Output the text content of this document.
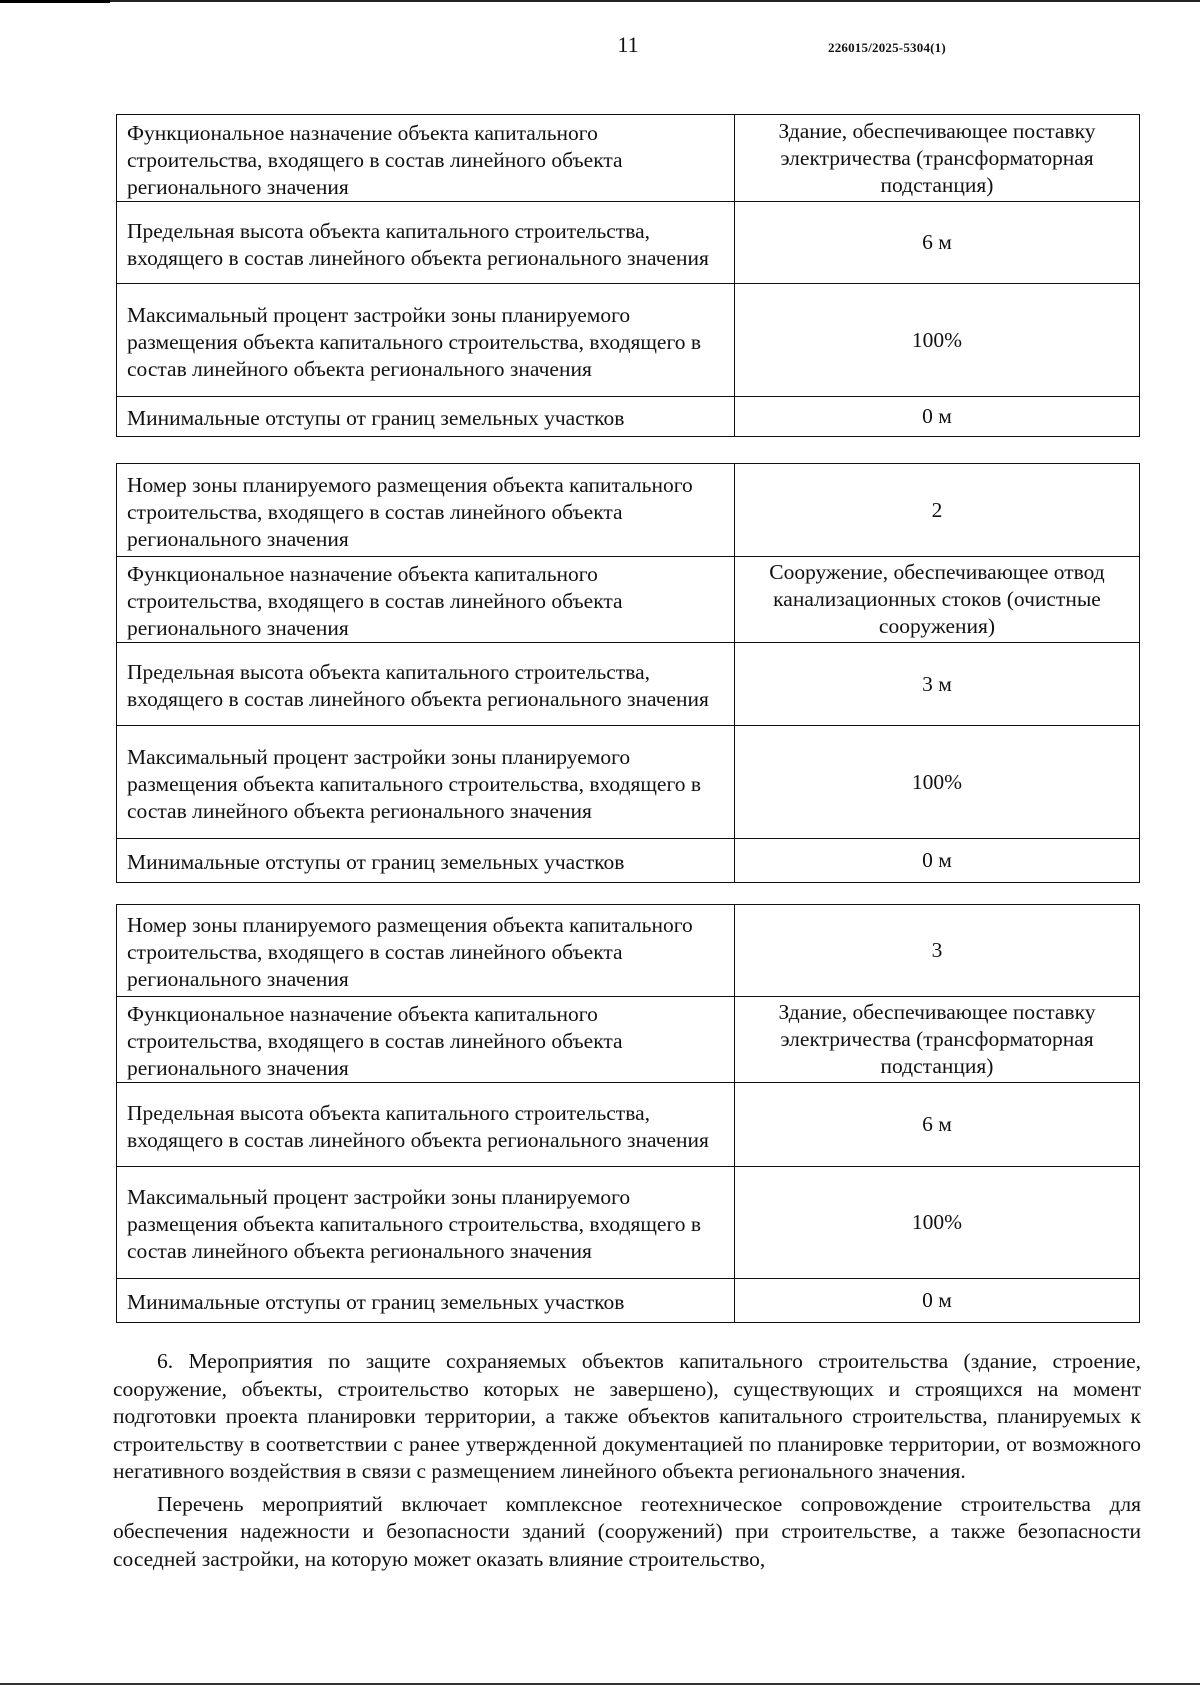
11	226015/2025-5304(1)
Функциональное назначение объекта капитального строительства, входящего в состав линейного объекта регионального значения	Здание, обеспечивающее поставку электричества (трансформаторная подстанция)
Предельная высота объекта капитального строительства, входящего в состав линейного объекта регионального значения	6 м
Максимальный процент застройки зоны планируемого размещения объекта капитального строительства, входящего в состав линейного объекта регионального значения	100%
Минимальные отступы от границ земельных участков	0 м
Номер зоны планируемого размещения объекта капитального строительства, входящего в состав линейного объекта регионального значения	2
Функциональное назначение объекта капитального строительства, входящего в состав линейного объекта регионального значения	Сооружение, обеспечивающее отвод канализационных стоков (очистные сооружения)
Предельная высота объекта капитального строительства, входящего в состав линейного объекта регионального значения	3 м
Максимальный процент застройки зоны планируемого размещения объекта капитального строительства, входящего в состав линейного объекта регионального значения	100%
Минимальные отступы от границ земельных участков	0 м
Номер зоны планируемого размещения объекта капитального строительства, входящего в состав линейного объекта регионального значения	3
Функциональное назначение объекта капитального строительства, входящего в состав линейного объекта регионального значения	Здание, обеспечивающее поставку электричества (трансформаторная подстанция)
Предельная высота объекта капитального строительства, входящего в состав линейного объекта регионального значения	6 м
Максимальный процент застройки зоны планируемого размещения объекта капитального строительства, входящего в состав линейного объекта регионального значения	100%
Минимальные отступы от границ земельных участков	0 м

6. Мероприятия по защите сохраняемых объектов капитального строительства (здание, строение, сооружение, объекты, строительство которых не завершено), существующих и строящихся на момент подготовки проекта планировки территории, а также объектов капитального строительства, планируемых к строительству в соответствии с ранее утвержденной документацией по планировке территории, от возможного негативного воздействия в связи с размещением линейного объекта регионального значения.

Перечень мероприятий включает комплексное геотехническое сопровождение строительства для обеспечения надежности и безопасности зданий (сооружений) при строительстве, а также безопасности соседней застройки, на которую может оказать влияние строительство,
